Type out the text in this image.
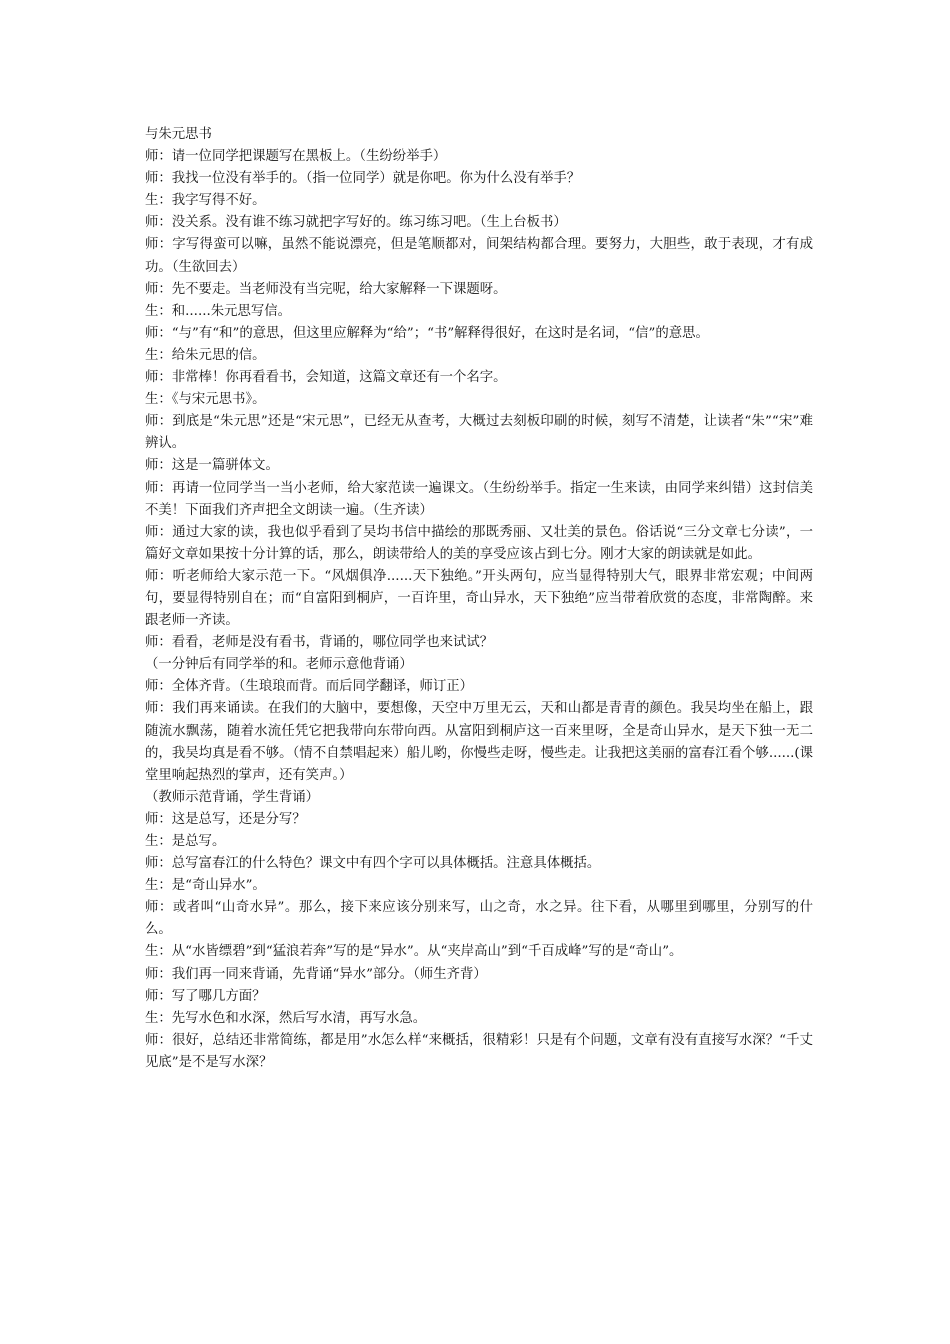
与朱元思书

师：请一位同学把课题写在黑板上。（生纷纷举手）

师：我找一位没有举手的。（指一位同学）就是你吧。你为什么没有举手？

生：我字写得不好。

师：没关系。没有谁不练习就把字写好的。练习练习吧。（生上台板书）

师：字写得蛮可以嘛，虽然不能说漂亮，但是笔顺都对，间架结构都合理。要努力，大胆些，敢于表现，才有成功。（生欲回去）

师：先不要走。当老师没有当完呢，给大家解释一下课题呀。

生：和......朱元思写信。

师：“与”有“和”的意思，但这里应解释为“给”；“书”解释得很好，在这时是名词，“信”的意思。

生：给朱元思的信。

师：非常棒！你再看看书，会知道，这篇文章还有一个名字。

生：《与宋元思书》。

师：到底是“朱元思”还是“宋元思”，已经无从查考，大概过去刻板印刷的时候，刻写不清楚，让读者“朱”“宋”难辨认。

师：这是一篇骈体文。

师：再请一位同学当一当小老师，给大家范读一遍课文。（生纷纷举手。指定一生来读，由同学来纠错）这封信美不美！下面我们齐声把全文朗读一遍。（生齐读）

师：通过大家的读，我也似乎看到了吴均书信中描绘的那既秀丽、又壮美的景色。俗话说“三分文章七分读”，一篇好文章如果按十分计算的话，那么，朗读带给人的美的享受应该占到七分。刚才大家的朗读就是如此。

师：听老师给大家示范一下。“风烟俱净......天下独绝。”开头两句，应当显得特别大气，眼界非常宏观；中间两句，要显得特别自在；而“自富阳到桐庐，一百许里，奇山异水，天下独绝”应当带着欣赏的态度，非常陶醉。来跟老师一齐读。

师：看看，老师是没有看书，背诵的，哪位同学也来试试？

（一分钟后有同学举的和。老师示意他背诵）

师：全体齐背。（生琅琅而背。而后同学翻译，师订正）

师：我们再来诵读。在我们的大脑中，要想像，天空中万里无云，天和山都是青青的颜色。我吴均坐在船上，跟随流水飘荡，随着水流任凭它把我带向东带向西。从富阳到桐庐这一百来里呀，全是奇山异水，是天下独一无二的，我吴均真是看不够。（情不自禁唱起来）船儿哟，你慢些走呀，慢些走。让我把这美丽的富春江看个够......(课堂里响起热烈的掌声，还有笑声。）

（教师示范背诵，学生背诵）

师：这是总写，还是分写？

生：是总写。

师：总写富春江的什么特色？课文中有四个字可以具体概括。注意具体概括。

生：是“奇山异水”。

师：或者叫“山奇水异”。那么，接下来应该分别来写，山之奇，水之异。往下看，从哪里到哪里，分别写的什么。

生：从“水皆缥碧”到“猛浪若奔”写的是“异水”。从“夹岸高山”到“千百成峰”写的是“奇山”。

师：我们再一同来背诵，先背诵“异水”部分。（师生齐背）

师：写了哪几方面？

生：先写水色和水深，然后写水清，再写水急。

师：很好，总结还非常简练，都是用”水怎么样“来概括，很精彩！只是有个问题，文章有没有直接写水深？“千丈见底”是不是写水深？
